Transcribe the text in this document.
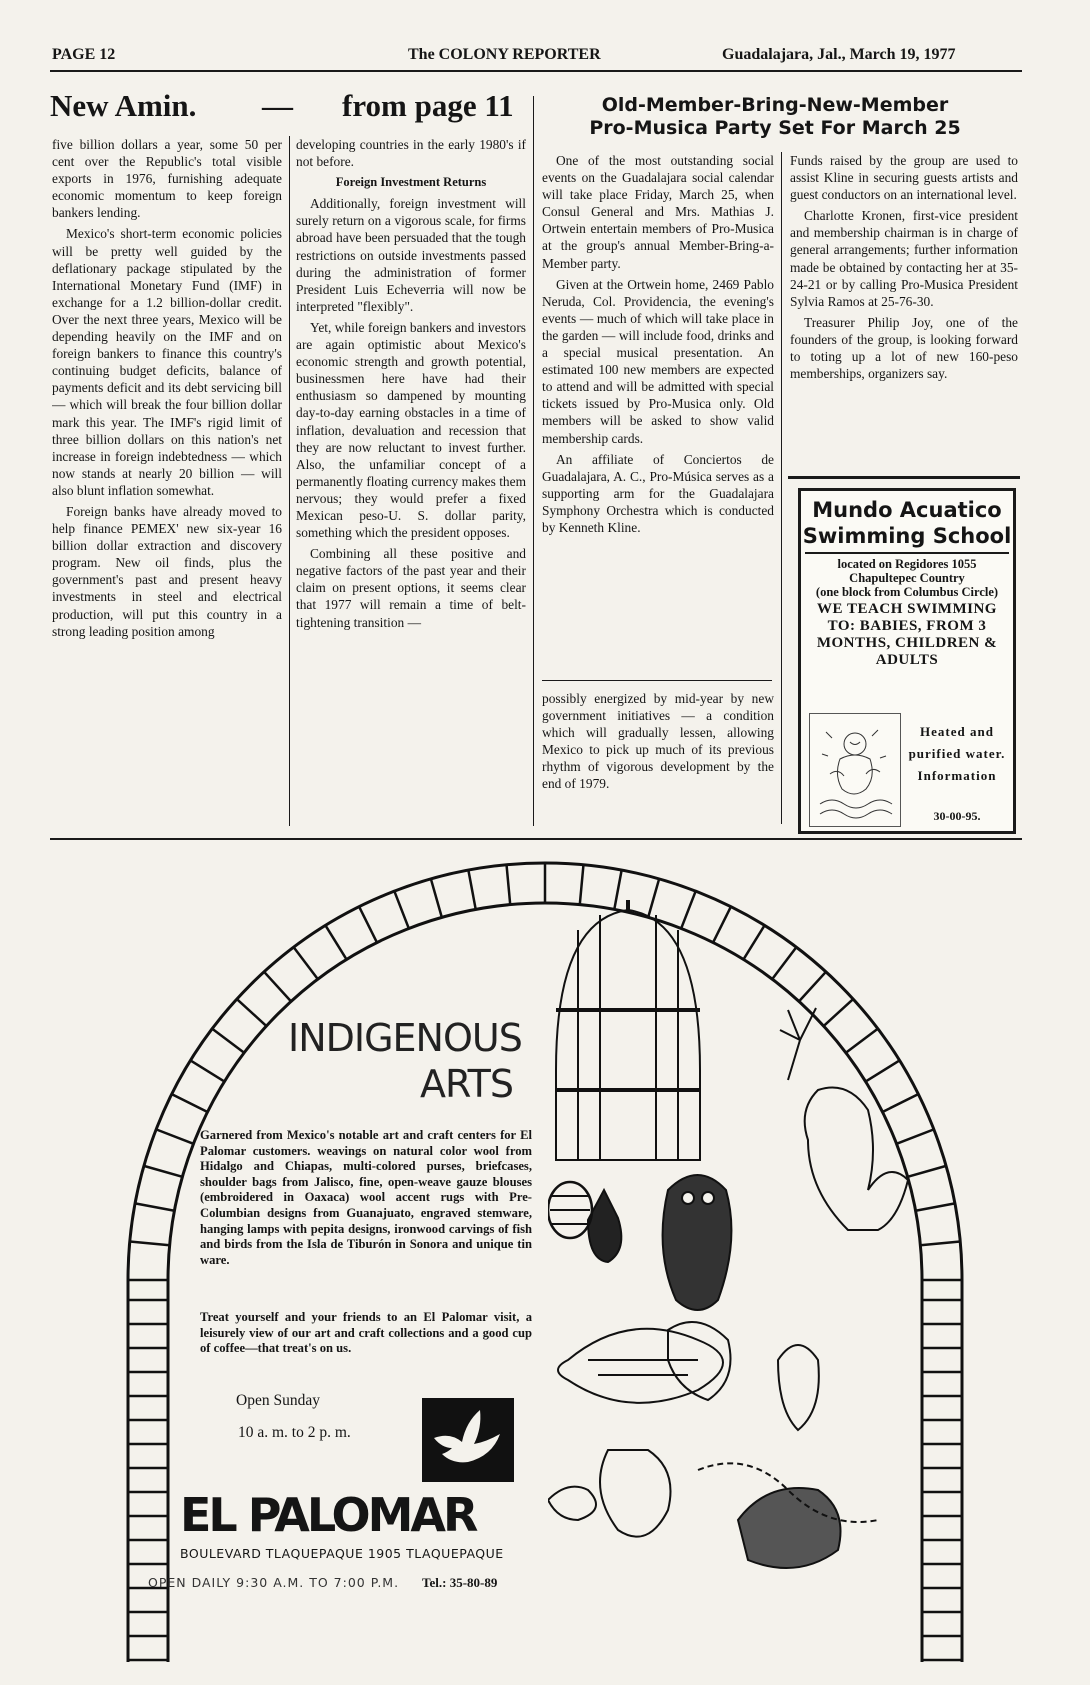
PAGE 12	The COLONY REPORTER	Guadalajara, Jal., March 19, 1977
New Amin. — from page 11

five billion dollars a year, some 50 per cent over the Republic's total visible exports in 1976, furnishing adequate economic momentum to keep foreign bankers lending.

Mexico's short-term economic policies will be pretty well guided by the deflationary package stipulated by the International Monetary Fund (IMF) in exchange for a 1.2 billion-dollar credit. Over the next three years, Mexico will be depending heavily on the IMF and on foreign bankers to finance this country's continuing budget deficits, balance of payments deficit and its debt servicing bill — which will break the four billion dollar mark this year. The IMF's rigid limit of three billion dollars on this nation's net increase in foreign indebtedness — which now stands at nearly 20 billion — will also blunt inflation somewhat.

Foreign banks have already moved to help finance PEMEX' new six-year 16 billion dollar extraction and discovery program. New oil finds, plus the government's past and present heavy investments in steel and electrical production, will put this country in a strong leading position among

developing countries in the early 1980's if not before.

Foreign Investment Returns

Additionally, foreign investment will surely return on a vigorous scale, for firms abroad have been persuaded that the tough restrictions on outside investments passed during the administration of former President Luis Echeverria will now be interpreted "flexibly".

Yet, while foreign bankers and investors are again optimistic about Mexico's economic strength and growth potential, businessmen here have had their enthusiasm so dampened by mounting day-to-day earning obstacles in a time of inflation, devaluation and recession that they are now reluctant to invest further. Also, the unfamiliar concept of a permanently floating currency makes them nervous; they would prefer a fixed Mexican peso-U. S. dollar parity, something which the president opposes.

Combining all these positive and negative factors of the past year and their claim on present options, it seems clear that 1977 will remain a time of belt-tightening transition —

Old-Member-Bring-New-Member
Pro-Musica Party Set For March 25

One of the most outstanding social events on the Guadalajara social calendar will take place Friday, March 25, when Consul General and Mrs. Mathias J. Ortwein entertain members of Pro-Musica at the group's annual Member-Bring-a-Member party.

Given at the Ortwein home, 2469 Pablo Neruda, Col. Providencia, the evening's events — much of which will take place in the garden — will include food, drinks and a special musical presentation. An estimated 100 new members are expected to attend and will be admitted with special tickets issued by Pro-Musica only. Old members will be asked to show valid membership cards.

An affiliate of Conciertos de Guadalajara, A. C., Pro-Música serves as a supporting arm for the Guadalajara Symphony Orchestra which is conducted by Kenneth Kline.

possibly energized by mid-year by new government initiatives — a condition which will gradually lessen, allowing Mexico to pick up much of its previous rhythm of vigorous development by the end of 1979.

Funds raised by the group are used to assist Kline in securing guests artists and guest conductors on an international level.

Charlotte Kronen, first-vice president and membership chairman is in charge of general arrangements; further information made be obtained by contacting her at 35-24-21 or by calling Pro-Musica President Sylvia Ramos at 25-76-30.

Treasurer Philip Joy, one of the founders of the group, is looking forward to toting up a lot of new 160-peso memberships, organizers say.

Mundo Acuatico
Swimming School
located on Regidores 1055
Chapultepec Country
(one block from Columbus Circle)
WE TEACH SWIMMING TO: BABIES, FROM 3 MONTHS, CHILDREN & ADULTS
Heated and purified water. Information
30-00-95.
INDIGENOUS
ARTS
Garnered from Mexico's notable art and craft centers for El Palomar customers. weavings on natural color wool from Hidalgo and Chiapas, multi-colored purses, briefcases, shoulder bags from Jalisco, fine, open-weave gauze blouses (embroidered in Oaxaca) wool accent rugs with Pre-Columbian designs from Guanajuato, engraved stemware, hanging lamps with pepita designs, ironwood carvings of fish and birds from the Isla de Tiburón in Sonora and unique tin ware.
Treat yourself and your friends to an El Palomar visit, a leisurely view of our art and craft collections and a good cup of coffee—that treat's on us.
Open Sunday
10 a. m. to 2 p. m.
EL PALOMAR
BOULEVARD TLAQUEPAQUE 1905 TLAQUEPAQUE
OPEN DAILY 9:30 A.M. TO 7:00 P.M. Tel.: 35-80-89
